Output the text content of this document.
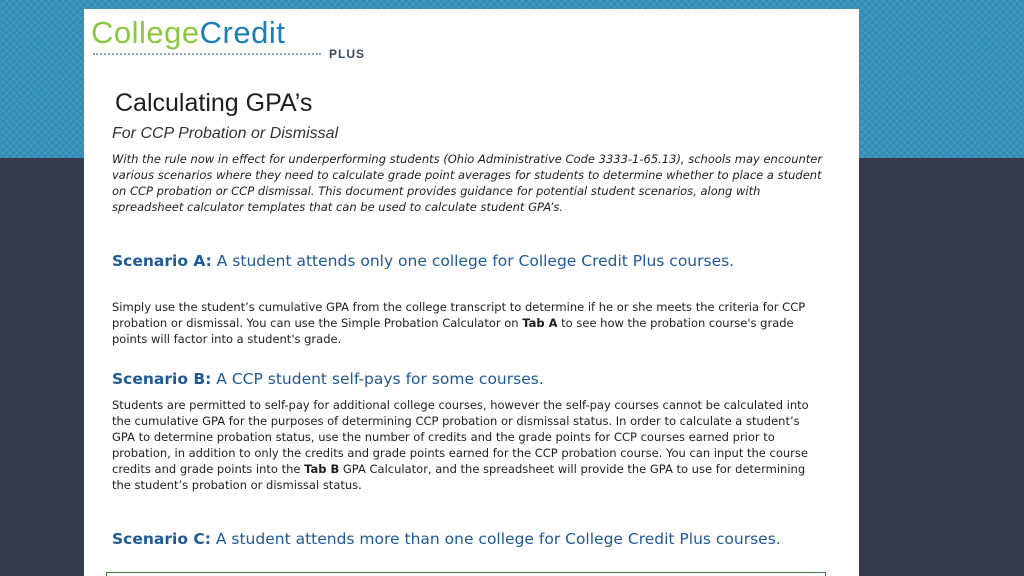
CollegeCredit
PLUS
Calculating GPA’s
For CCP Probation or Dismissal
With the rule now in effect for underperforming students (Ohio Administrative Code 3333-1-65.13), schools may encounter various scenarios where they need to calculate grade point averages for students to determine whether to place a student on CCP probation or CCP dismissal. This document provides guidance for potential student scenarios, along with spreadsheet calculator templates that can be used to calculate student GPA’s.
Scenario A: A student attends only one college for College Credit Plus courses.
Simply use the student’s cumulative GPA from the college transcript to determine if he or she meets the criteria for CCP probation or dismissal. You can use the Simple Probation Calculator on Tab A to see how the probation course's grade points will factor into a student's grade.
Scenario B: A CCP student self-pays for some courses.
Students are permitted to self-pay for additional college courses, however the self-pay courses cannot be calculated into the cumulative GPA for the purposes of determining CCP probation or dismissal status. In order to calculate a student’s GPA to determine probation status, use the number of credits and the grade points for CCP courses earned prior to probation, in addition to only the credits and grade points earned for the CCP probation course. You can input the course credits and grade points into the Tab B GPA Calculator, and the spreadsheet will provide the GPA to use for determining the student’s probation or dismissal status.
Scenario C: A student attends more than one college for College Credit Plus courses.
